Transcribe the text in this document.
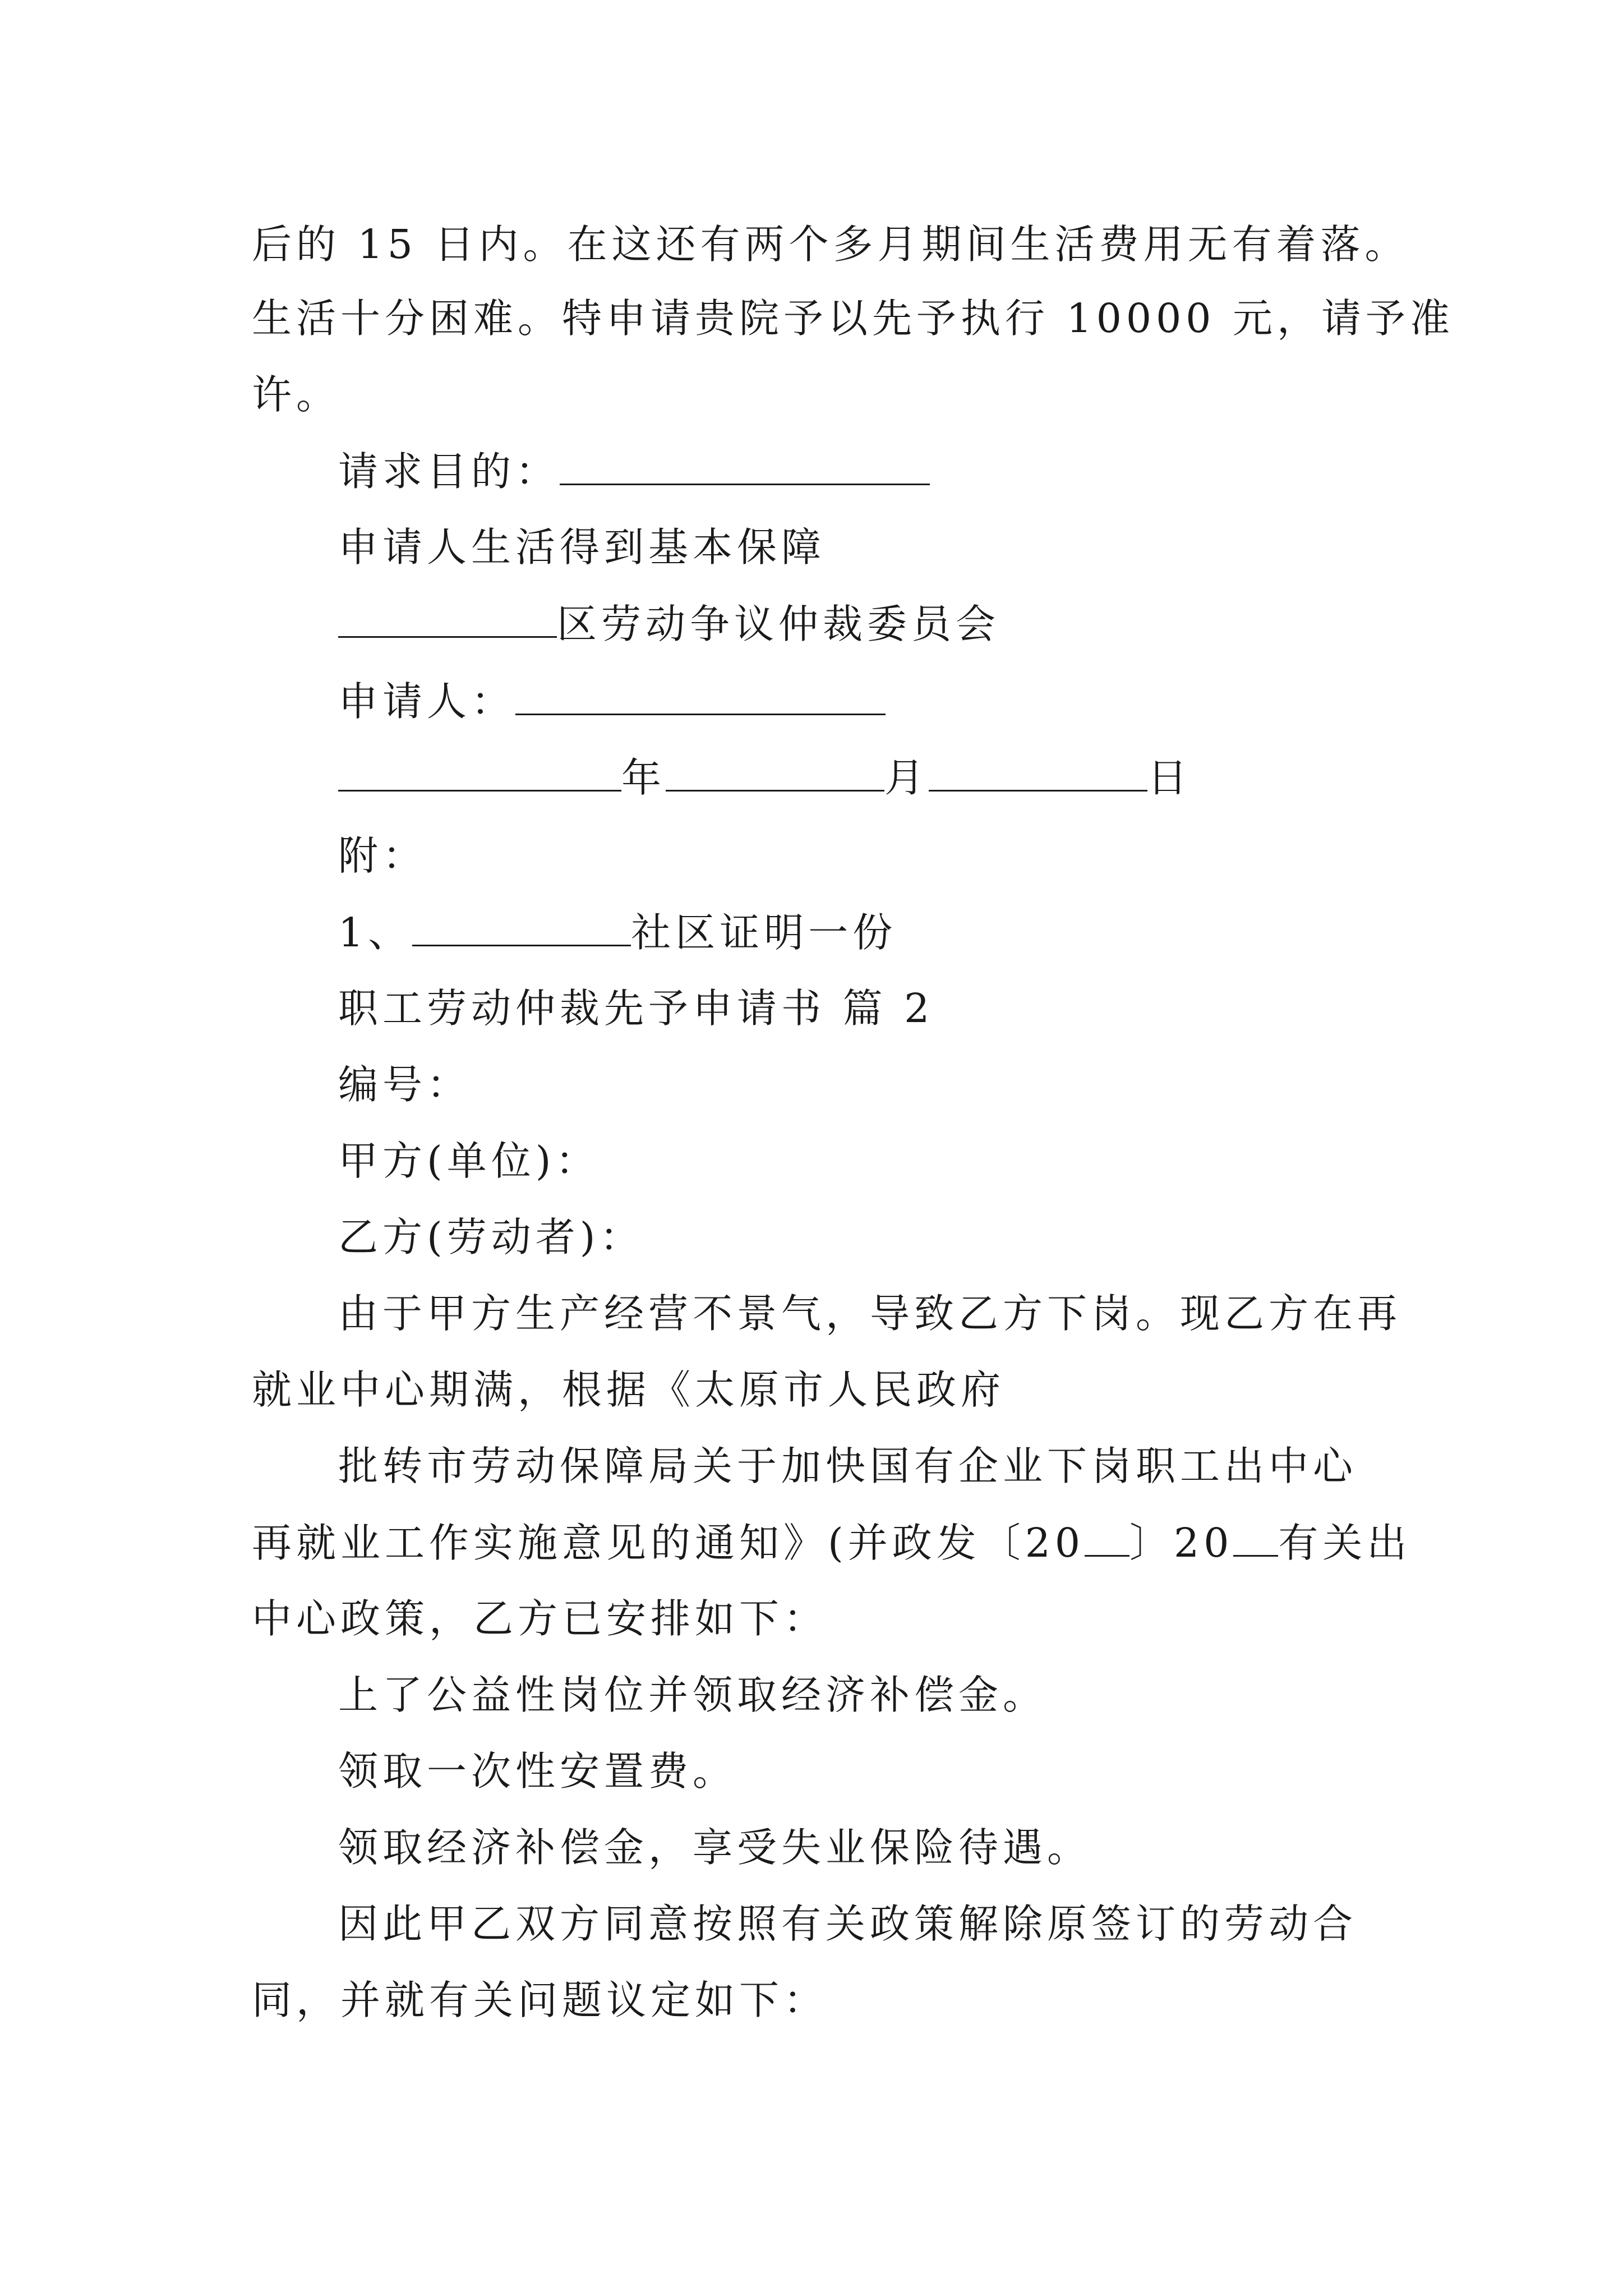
后的 15 日内。在这还有两个多月期间生活费用无有着落。
生活十分困难。特申请贵院予以先予执行 10000 元，请予准
许。
请求目的：
申请人生活得到基本保障
区劳动争议仲裁委员会
申请人：
年	月	日
附：
1、	社区证明一份
职工劳动仲裁先予申请书 篇 2
编号：
甲方(单位)：
乙方(劳动者)：
由于甲方生产经营不景气，导致乙方下岗。现乙方在再
就业中心期满，根据《太原市人民政府
批转市劳动保障局关于加快国有企业下岗职工出中心
再就业工作实施意见的通知》(并政发〔20 〕20 有关出
中心政策，乙方已安排如下：
上了公益性岗位并领取经济补偿金。
领取一次性安置费。
领取经济补偿金，享受失业保险待遇。
因此甲乙双方同意按照有关政策解除原签订的劳动合
同，并就有关问题议定如下：
